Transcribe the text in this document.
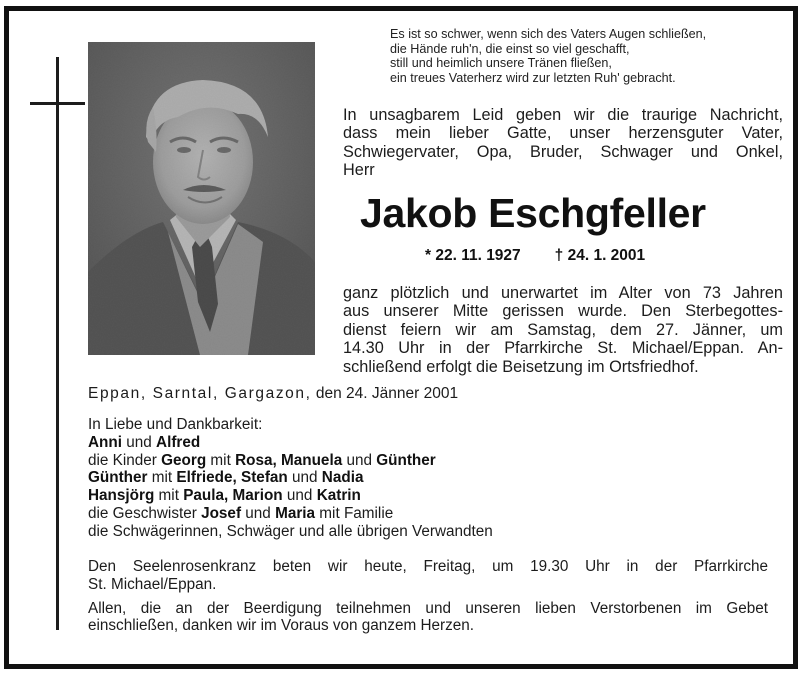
Es ist so schwer, wenn sich des Vaters Augen schließen,
die Hände ruh'n, die einst so viel geschafft,
still und heimlich unsere Tränen fließen,
ein treues Vaterherz wird zur letzten Ruh' gebracht.
In unsagbarem Leid geben wir die traurige Nachricht,
dass mein lieber Gatte, unser herzensguter Vater,
Schwiegervater, Opa, Bruder, Schwager und Onkel,
Herr
Jakob Eschgfeller
* 22. 11. 1927 † 24. 1. 2001
ganz plötzlich und unerwartet im Alter von 73 Jahren
aus unserer Mitte gerissen wurde. Den Sterbegottes-
dienst feiern wir am Samstag, dem 27. Jänner, um
14.30 Uhr in der Pfarrkirche St. Michael/Eppan. An-
schließend erfolgt die Beisetzung im Ortsfriedhof.
Eppan, Sarntal, Gargazon, den 24. Jänner 2001
In Liebe und Dankbarkeit:
Anni und Alfred
die Kinder Georg mit Rosa, Manuela und Günther
Günther mit Elfriede, Stefan und Nadia
Hansjörg mit Paula, Marion und Katrin
die Geschwister Josef und Maria mit Familie
die Schwägerinnen, Schwäger und alle übrigen Verwandten

Den Seelenrosenkranz beten wir heute, Freitag, um 19.30 Uhr in der Pfarrkirche
St. Michael/Eppan.

Allen, die an der Beerdigung teilnehmen und unseren lieben Verstorbenen im Gebet
einschließen, danken wir im Voraus von ganzem Herzen.
